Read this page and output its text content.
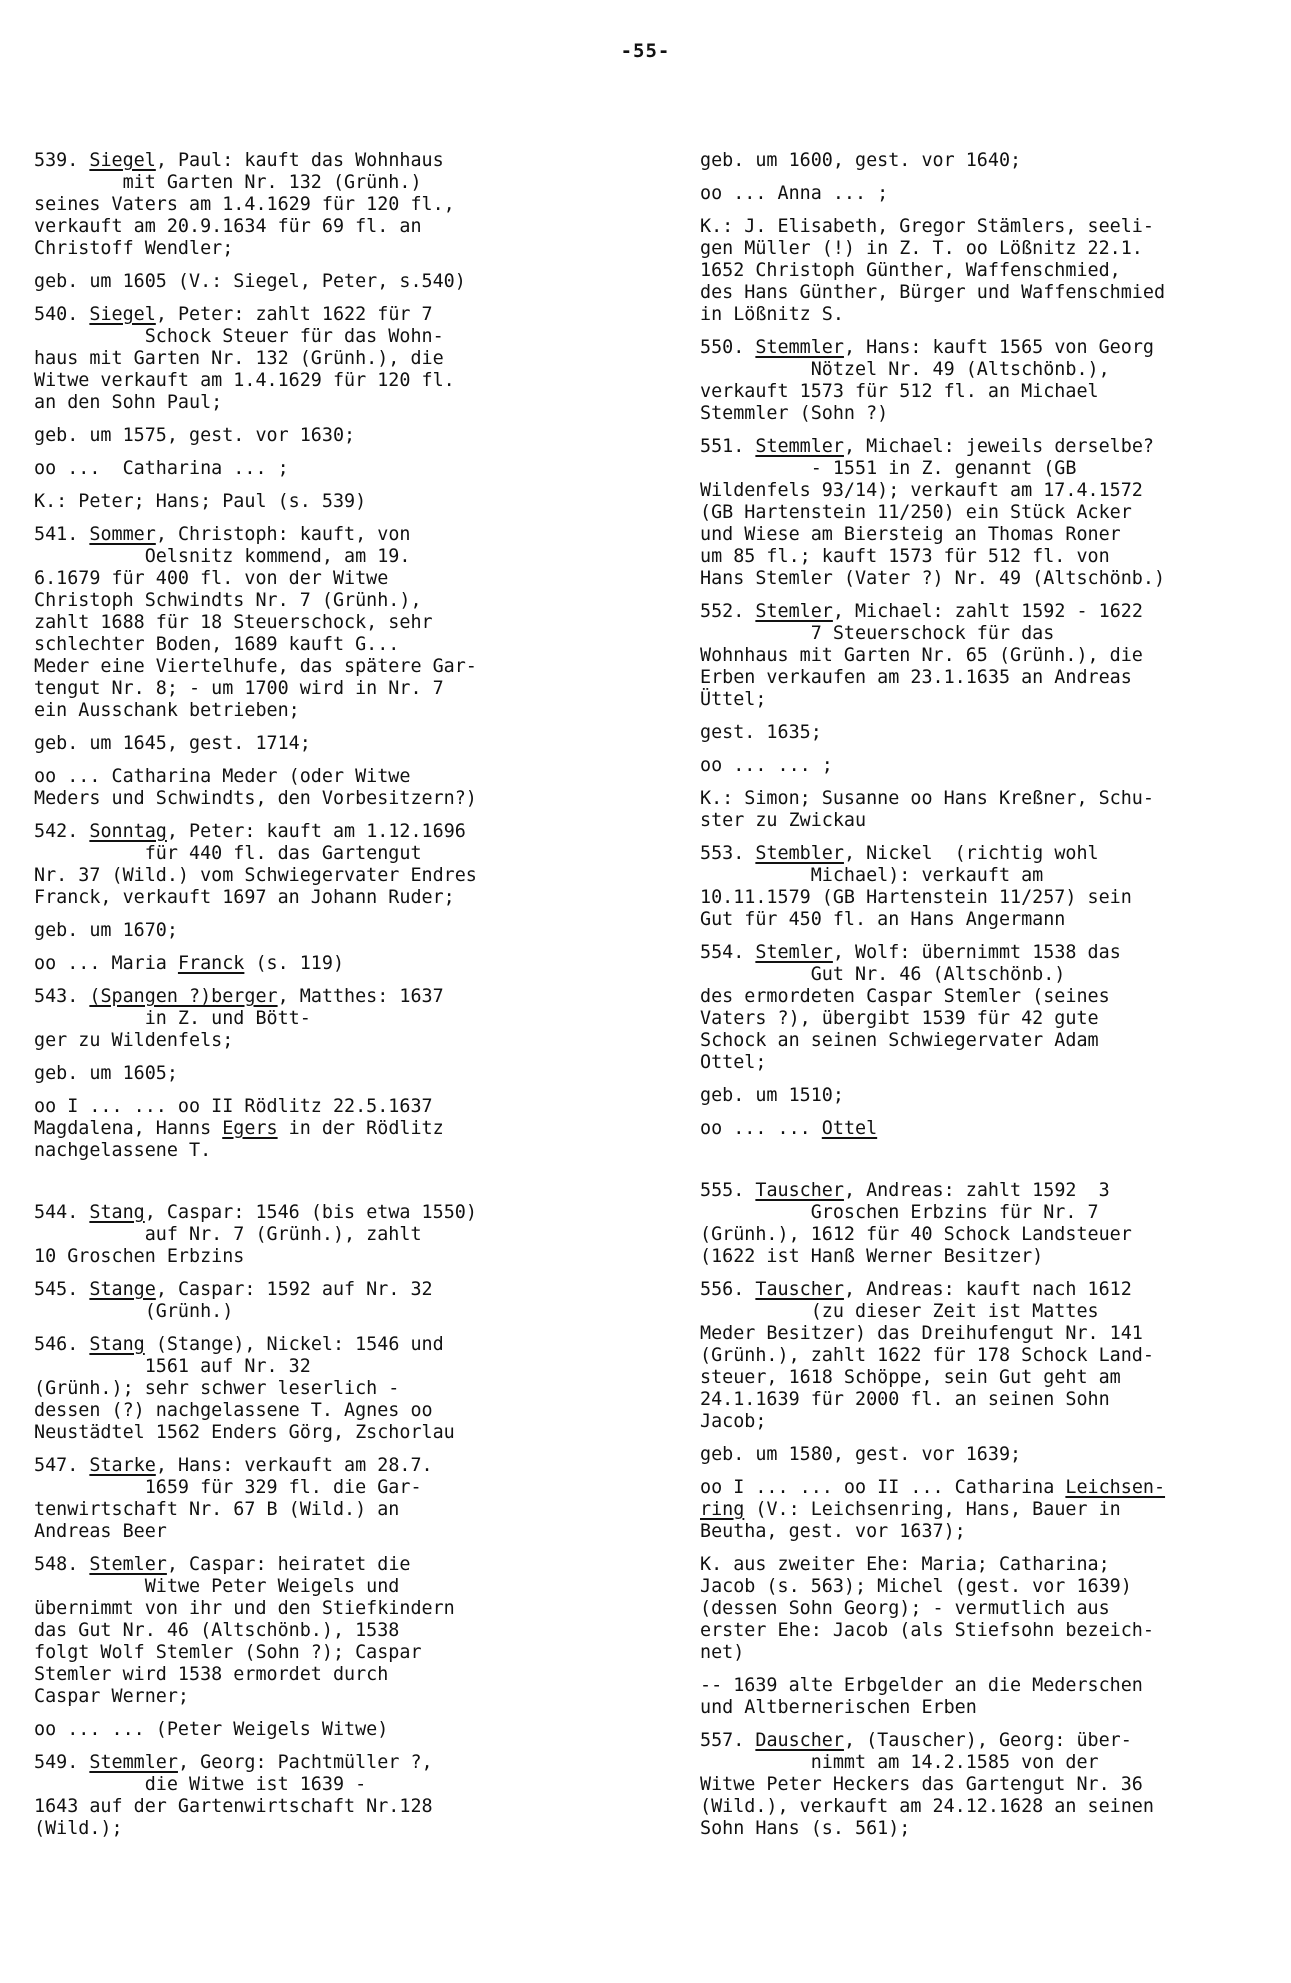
-55-

539. Siegel, Paul: kauft das Wohnhaus
mit Garten Nr. 132 (Grünh.)
seines Vaters am 1.4.1629 für 120 fl.,
verkauft am 20.9.1634 für 69 fl. an
Christoff Wendler;

geb. um 1605 (V.: Siegel, Peter, s.540)

540. Siegel, Peter: zahlt 1622 für 7
Schock Steuer für das Wohn-
haus mit Garten Nr. 132 (Grünh.), die
Witwe verkauft am 1.4.1629 für 120 fl.
an den Sohn Paul;

geb. um 1575, gest. vor 1630;

oo ...  Catharina ... ;

K.: Peter; Hans; Paul (s. 539)

541. Sommer, Christoph: kauft, von
Oelsnitz kommend, am 19.
6.1679 für 400 fl. von der Witwe
Christoph Schwindts Nr. 7 (Grünh.),
zahlt 1688 für 18 Steuerschock, sehr
schlechter Boden, 1689 kauft G...
Meder eine Viertelhufe, das spätere Gar-
tengut Nr. 8; - um 1700 wird in Nr. 7
ein Ausschank betrieben;

geb. um 1645, gest. 1714;

oo ... Catharina Meder (oder Witwe
Meders und Schwindts, den Vorbesitzern?)

542. Sonntag, Peter: kauft am 1.12.1696
für 440 fl. das Gartengut
Nr. 37 (Wild.) vom Schwiegervater Endres
Franck, verkauft 1697 an Johann Ruder;

geb. um 1670;

oo ... Maria Franck (s. 119)

543. (Spangen ?)berger, Matthes: 1637
in Z. und Bött-
ger zu Wildenfels;

geb. um 1605;

oo I ... ... oo II Rödlitz 22.5.1637
Magdalena, Hanns Egers in der Rödlitz
nachgelassene T.

544. Stang, Caspar: 1546 (bis etwa 1550)
auf Nr. 7 (Grünh.), zahlt
10 Groschen Erbzins

545. Stange, Caspar: 1592 auf Nr. 32
(Grünh.)

546. Stang (Stange), Nickel: 1546 und
1561 auf Nr. 32
(Grünh.); sehr schwer leserlich -
dessen (?) nachgelassene T. Agnes oo
Neustädtel 1562 Enders Görg, Zschorlau

547. Starke, Hans: verkauft am 28.7.
1659 für 329 fl. die Gar-
tenwirtschaft Nr. 67 B (Wild.) an
Andreas Beer

548. Stemler, Caspar: heiratet die
Witwe Peter Weigels und
übernimmt von ihr und den Stiefkindern
das Gut Nr. 46 (Altschönb.), 1538
folgt Wolf Stemler (Sohn ?); Caspar
Stemler wird 1538 ermordet durch
Caspar Werner;

oo ... ... (Peter Weigels Witwe)

549. Stemmler, Georg: Pachtmüller ?,
die Witwe ist 1639 -
1643 auf der Gartenwirtschaft Nr.128
(Wild.);

geb. um 1600, gest. vor 1640;

oo ... Anna ... ;

K.: J. Elisabeth, Gregor Stämlers, seeli-
gen Müller (!) in Z. T. oo Lößnitz 22.1.
1652 Christoph Günther, Waffenschmied,
des Hans Günther, Bürger und Waffenschmied
in Lößnitz S.

550. Stemmler, Hans: kauft 1565 von Georg
Nötzel Nr. 49 (Altschönb.),
verkauft 1573 für 512 fl. an Michael
Stemmler (Sohn ?)

551. Stemmler, Michael: jeweils derselbe?
- 1551 in Z. genannt (GB
Wildenfels 93/14); verkauft am 17.4.1572
(GB Hartenstein 11/250) ein Stück Acker
und Wiese am Biersteig an Thomas Roner
um 85 fl.; kauft 1573 für 512 fl. von
Hans Stemler (Vater ?) Nr. 49 (Altschönb.)

552. Stemler, Michael: zahlt 1592 - 1622
7 Steuerschock für das
Wohnhaus mit Garten Nr. 65 (Grünh.), die
Erben verkaufen am 23.1.1635 an Andreas
Üttel;

gest. 1635;

oo ... ... ;

K.: Simon; Susanne oo Hans Kreßner, Schu-
ster zu Zwickau

553. Stembler, Nickel  (richtig wohl
Michael): verkauft am
10.11.1579 (GB Hartenstein 11/257) sein
Gut für 450 fl. an Hans Angermann

554. Stemler, Wolf: übernimmt 1538 das
Gut Nr. 46 (Altschönb.)
des ermordeten Caspar Stemler (seines
Vaters ?), übergibt 1539 für 42 gute
Schock an seinen Schwiegervater Adam
Ottel;

geb. um 1510;

oo ... ... Ottel

555. Tauscher, Andreas: zahlt 1592  3
Groschen Erbzins für Nr. 7
(Grünh.), 1612 für 40 Schock Landsteuer
(1622 ist Hanß Werner Besitzer)

556. Tauscher, Andreas: kauft nach 1612
(zu dieser Zeit ist Mattes
Meder Besitzer) das Dreihufengut Nr. 141
(Grünh.), zahlt 1622 für 178 Schock Land-
steuer, 1618 Schöppe, sein Gut geht am
24.1.1639 für 2000 fl. an seinen Sohn
Jacob;

geb. um 1580, gest. vor 1639;

oo I ... ... oo II ... Catharina Leichsen-
ring (V.: Leichsenring, Hans, Bauer in
Beutha, gest. vor 1637);

K. aus zweiter Ehe: Maria; Catharina;
Jacob (s. 563); Michel (gest. vor 1639)
(dessen Sohn Georg); - vermutlich aus
erster Ehe: Jacob (als Stiefsohn bezeich-
net)

-- 1639 alte Erbgelder an die Mederschen
und Altbernerischen Erben

557. Dauscher, (Tauscher), Georg: über-
nimmt am 14.2.1585 von der
Witwe Peter Heckers das Gartengut Nr. 36
(Wild.), verkauft am 24.12.1628 an seinen
Sohn Hans (s. 561);
